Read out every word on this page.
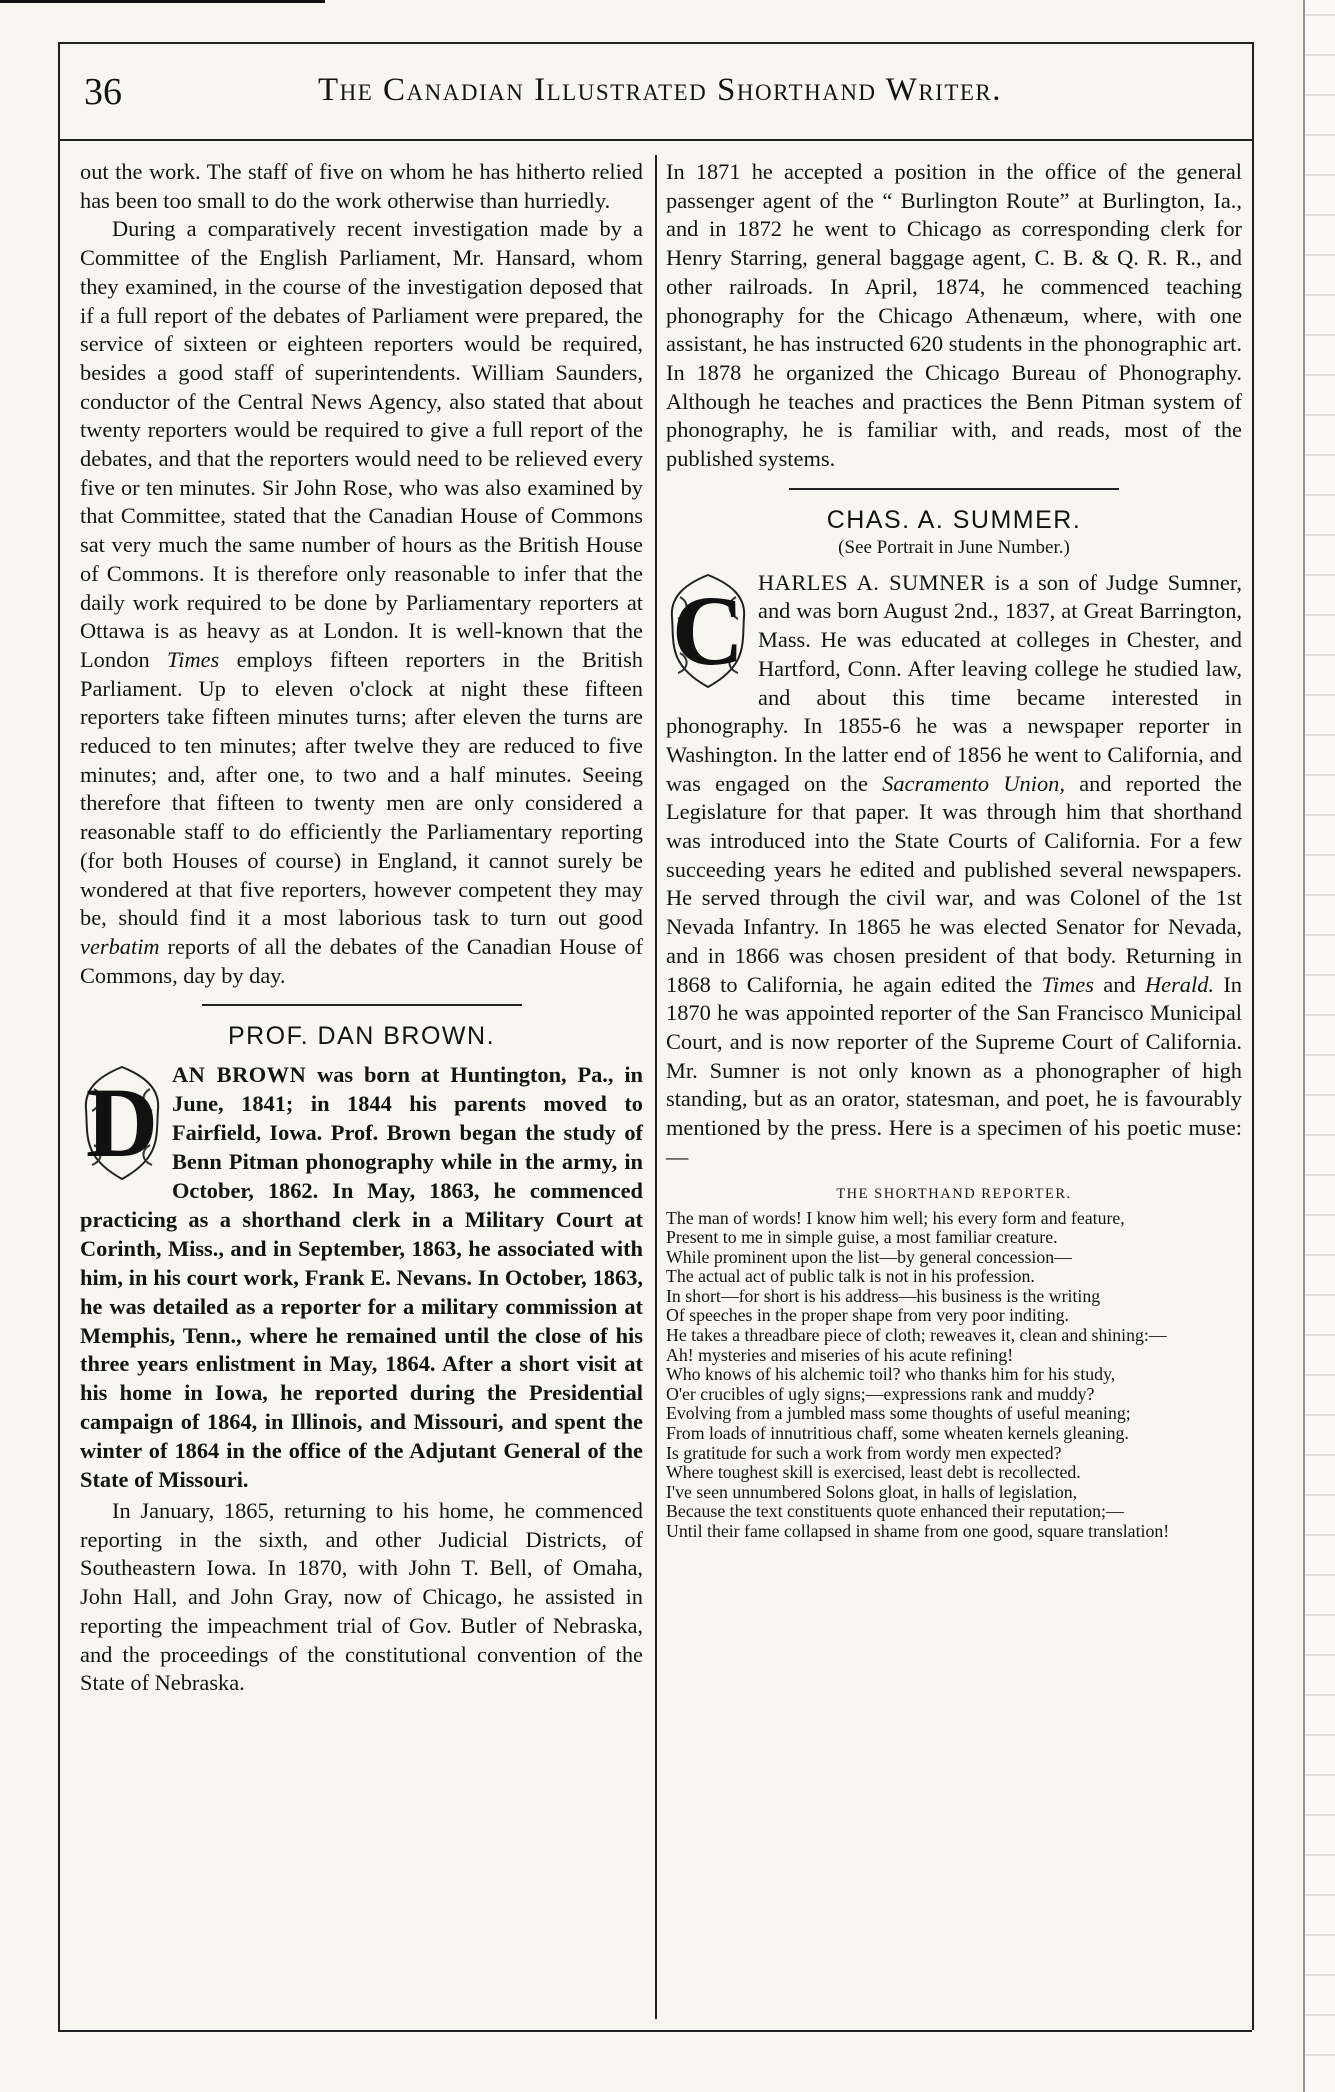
36	The Canadian Illustrated Shorthand Writer.

out the work. The staff of five on whom he has hitherto relied has been too small to do the work otherwise than hurriedly.

During a comparatively recent investigation made by a Committee of the English Parliament, Mr. Hansard, whom they examined, in the course of the investigation deposed that if a full report of the debates of Parliament were prepared, the service of sixteen or eighteen reporters would be required, besides a good staff of superintendents. William Saunders, conductor of the Central News Agency, also stated that about twenty reporters would be required to give a full report of the debates, and that the reporters would need to be relieved every five or ten minutes. Sir John Rose, who was also examined by that Committee, stated that the Canadian House of Commons sat very much the same number of hours as the British House of Commons. It is therefore only reasonable to infer that the daily work required to be done by Parliamentary reporters at Ottawa is as heavy as at London. It is well-known that the London Times employs fifteen reporters in the British Parliament. Up to eleven o'clock at night these fifteen reporters take fifteen minutes turns; after eleven the turns are reduced to ten minutes; after twelve they are reduced to five minutes; and, after one, to two and a half minutes. Seeing therefore that fifteen to twenty men are only considered a reasonable staff to do efficiently the Parliamentary reporting (for both Houses of course) in England, it cannot surely be wondered at that five reporters, however competent they may be, should find it a most laborious task to turn out good verbatim reports of all the debates of the Canadian House of Commons, day by day.

PROF. DAN BROWN.
D AN BROWN was born at Huntington, Pa., in June, 1841; in 1844 his parents moved to Fairfield, Iowa. Prof. Brown began the study of Benn Pitman phonography while in the army, in October, 1862. In May, 1863, he commenced practicing as a shorthand clerk in a Military Court at Corinth, Miss., and in September, 1863, he associated with him, in his court work, Frank E. Nevans. In October, 1863, he was detailed as a reporter for a military commission at Memphis, Tenn., where he remained until the close of his three years enlistment in May, 1864. After a short visit at his home in Iowa, he reported during the Presidential campaign of 1864, in Illinois, and Missouri, and spent the winter of 1864 in the office of the Adjutant General of the State of Missouri.

In January, 1865, returning to his home, he commenced reporting in the sixth, and other Judicial Districts, of Southeastern Iowa. In 1870, with John T. Bell, of Omaha, John Hall, and John Gray, now of Chicago, he assisted in reporting the impeachment trial of Gov. Butler of Nebraska, and the proceedings of the constitutional convention of the State of Nebraska.

In 1871 he accepted a position in the office of the general passenger agent of the “ Burlington Route” at Burlington, Ia., and in 1872 he went to Chicago as corresponding clerk for Henry Starring, general baggage agent, C. B. & Q. R. R., and other railroads. In April, 1874, he commenced teaching phonography for the Chicago Athenæum, where, with one assistant, he has instructed 620 students in the phonographic art. In 1878 he organized the Chicago Bureau of Phonography. Although he teaches and practices the Benn Pitman system of phonography, he is familiar with, and reads, most of the published systems.

CHAS. A. SUMMER.
(See Portrait in June Number.)
C HARLES A. SUMNER is a son of Judge Sumner, and was born August 2nd., 1837, at Great Barrington, Mass. He was educated at colleges in Chester, and Hartford, Conn. After leaving college he studied law, and about this time became interested in phonography. In 1855-6 he was a newspaper reporter in Washington. In the latter end of 1856 he went to California, and was engaged on the Sacramento Union, and reported the Legislature for that paper. It was through him that shorthand was introduced into the State Courts of California. For a few succeeding years he edited and published several newspapers. He served through the civil war, and was Colonel of the 1st Nevada Infantry. In 1865 he was elected Senator for Nevada, and in 1866 was chosen president of that body. Returning in 1868 to California, he again edited the Times and Herald. In 1870 he was appointed reporter of the San Francisco Municipal Court, and is now reporter of the Supreme Court of California. Mr. Sumner is not only known as a phonographer of high standing, but as an orator, statesman, and poet, he is favourably mentioned by the press. Here is a specimen of his poetic muse:—

THE SHORTHAND REPORTER.
The man of words! I know him well; his every form and feature,
Present to me in simple guise, a most familiar creature.
While prominent upon the list—by general concession—
The actual act of public talk is not in his profession.
In short—for short is his address—his business is the writing
Of speeches in the proper shape from very poor inditing.
He takes a threadbare piece of cloth; reweaves it, clean and shining:—
Ah! mysteries and miseries of his acute refining!
Who knows of his alchemic toil? who thanks him for his study,
O'er crucibles of ugly signs;—expressions rank and muddy?
Evolving from a jumbled mass some thoughts of useful meaning;
From loads of innutritious chaff, some wheaten kernels gleaning.
Is gratitude for such a work from wordy men expected?
Where toughest skill is exercised, least debt is recollected.
I've seen unnumbered Solons gloat, in halls of legislation,
Because the text constituents quote enhanced their reputation;—
Until their fame collapsed in shame from one good, square translation!
